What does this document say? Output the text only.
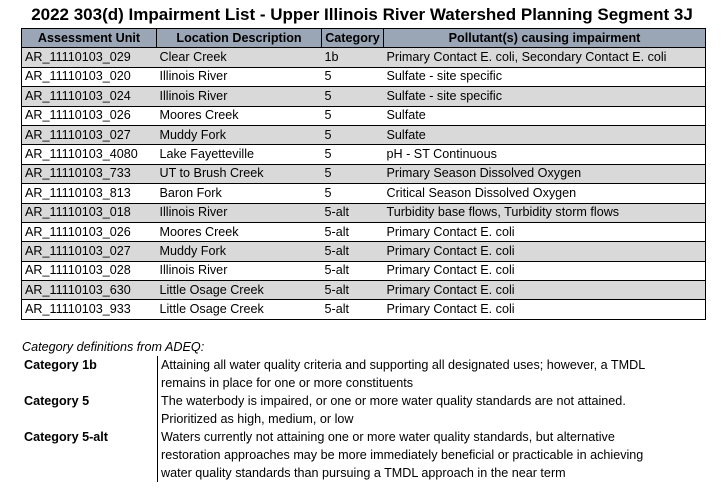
2022 303(d) Impairment List - Upper Illinois River Watershed Planning Segment 3J
Assessment Unit	Location Description	Category	Pollutant(s) causing impairment
AR_11110103_029	Clear Creek	1b	Primary Contact E. coli, Secondary Contact E. coli
AR_11110103_020	Illinois River	5	Sulfate - site specific
AR_11110103_024	Illinois River	5	Sulfate - site specific
AR_11110103_026	Moores Creek	5	Sulfate
AR_11110103_027	Muddy Fork	5	Sulfate
AR_11110103_4080	Lake Fayetteville	5	pH - ST Continuous
AR_11110103_733	UT to Brush Creek	5	Primary Season Dissolved Oxygen
AR_11110103_813	Baron Fork	5	Critical Season Dissolved Oxygen
AR_11110103_018	Illinois River	5-alt	Turbidity base flows, Turbidity storm flows
AR_11110103_026	Moores Creek	5-alt	Primary Contact E. coli
AR_11110103_027	Muddy Fork	5-alt	Primary Contact E. coli
AR_11110103_028	Illinois River	5-alt	Primary Contact E. coli
AR_11110103_630	Little Osage Creek	5-alt	Primary Contact E. coli
AR_11110103_933	Little Osage Creek	5-alt	Primary Contact E. coli
Category definitions from ADEQ:
Category 1b	Attaining all water quality criteria and supporting all designated uses; however, a TMDL
remains in place for one or more constituents
Category 5	The waterbody is impaired, or one or more water quality standards are not attained.
Prioritized as high, medium, or low
Category 5-alt	Waters currently not attaining one or more water quality standards, but alternative
restoration approaches may be more immediately beneficial or practicable in achieving
water quality standards than pursuing a TMDL approach in the near term
